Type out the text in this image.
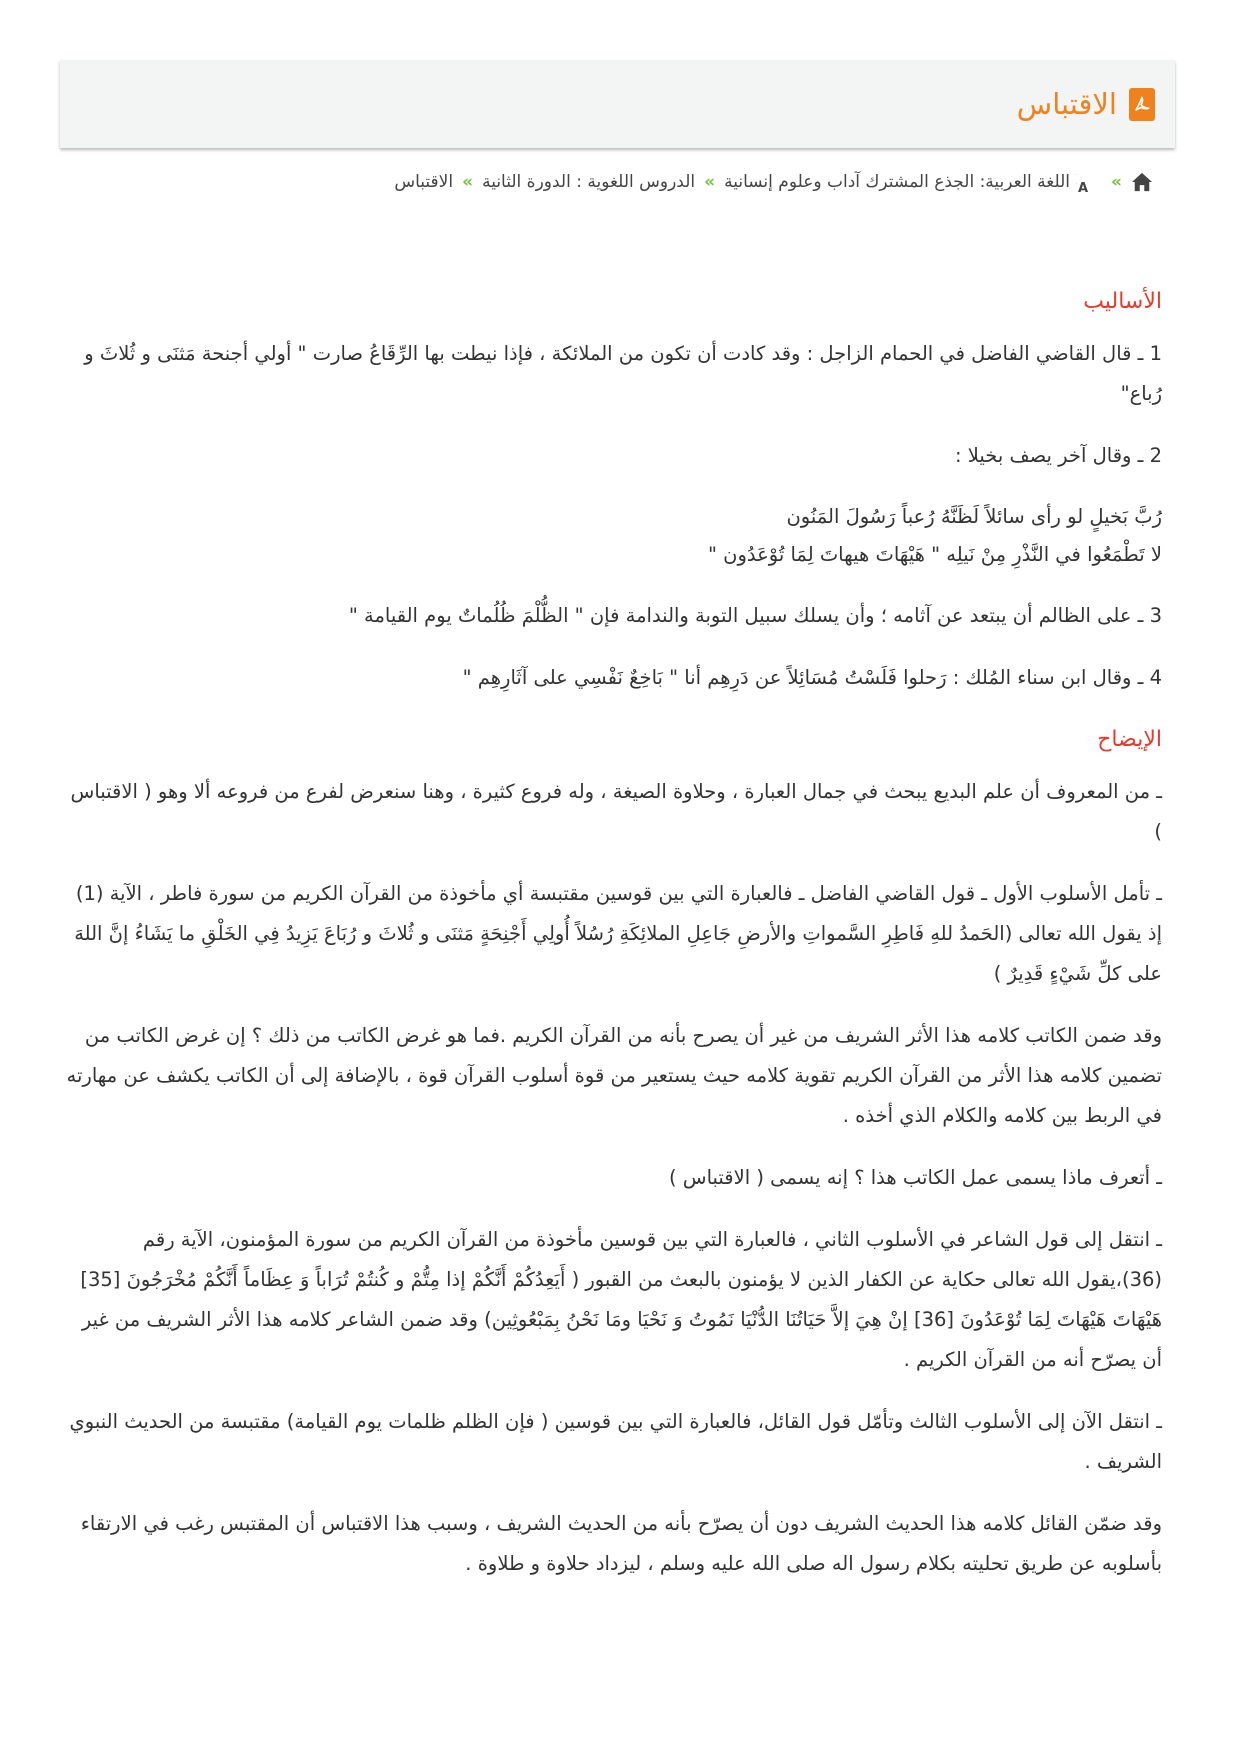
الاقتباس
»
A
اللغة العربية: الجذع المشترك آداب وعلوم إنسانية
»
الدروس اللغوية : الدورة الثانية
»
الاقتباس
الأساليب

1 ـ قال القاضي الفاضل في الحمام الزاجل : وقد كادت أن تكون من الملائكة ، فإذا نيطت بها الرِّقَاعُ صارت " أولي أجنحة مَثنَى و ثُلاثَ و رُباع"

2 ـ وقال آخر يصف بخيلا :

رُبَّ بَخيلٍ لو رأى سائلاً لَظَنَّهُ رُعباً رَسُولَ المَنُون
لا تَطْمَعُوا في النَّذْرِ مِنْ نَيلِه " هَيْهَاتَ هيهاتَ لِمَا تُوْعَدُون "

3 ـ على الظالم أن يبتعد عن آثامه ؛ وأن يسلك سبيل التوبة والندامة فإن " الظُّلْمَ ظُلُماتٌ يوم القيامة "

4 ـ وقال ابن سناء المُلك : رَحلوا فَلَسْتُ مُسَائِلاً عن دَرِهِم أنا " بَاخِعٌ نَفْسِي على آثَارِهِم "

الإيضاح

ـ من المعروف أن علم البديع يبحث في جمال العبارة ، وحلاوة الصيغة ، وله فروع كثيرة ، وهنا سنعرض لفرع من فروعه ألا وهو ( الاقتباس )

ـ تأمل الأسلوب الأول ـ قول القاضي الفاضل ـ فالعبارة التي بين قوسين مقتبسة أي مأخوذة من القرآن الكريم من سورة فاطر ، الآية (1) إذ يقول الله تعالى (الحَمدُ للهِ فَاطِرِ السَّمواتِ والأرضِ جَاعِلِ الملائِكَةِ رُسُلاً أُولِي أَجْنِحَةٍ مَثنَى و ثُلاثَ و رُبَاعَ يَزِيدُ فِي الخَلْقِ ما يَشَاءُ إنَّ اللهَ على كلِّ شَيْءٍ قَدِيرٌ )

وقد ضمن الكاتب كلامه هذا الأثر الشريف من غير أن يصرح بأنه من القرآن الكريم .فما هو غرض الكاتب من ذلك ؟ إن غرض الكاتب من تضمين كلامه هذا الأثر من القرآن الكريم تقوية كلامه حيث يستعير من قوة أسلوب القرآن قوة ، بالإضافة إلى أن الكاتب يكشف عن مهارته في الربط بين كلامه والكلام الذي أخذه .

ـ أتعرف ماذا يسمى عمل الكاتب هذا ؟ إنه يسمى ( الاقتباس )

ـ انتقل إلى قول الشاعر في الأسلوب الثاني ، فالعبارة التي بين قوسين مأخوذة من القرآن الكريم من سورة المؤمنون، الآية رقم (36)،يقول الله تعالى حكاية عن الكفار الذين لا يؤمنون بالبعث من القبور ( أَيَعِدُكُمْ أَنَّكُمْ إذا مِتُّمْ و كُنتُمْ تُرَاباً وَ عِظَاماً أَنَّكُمْ مُخْرَجُونَ [35] هَيْهَاتَ هَيْهَاتَ لِمَا تُوْعَدُونَ [36] إنْ هِيَ إلاَّ حَيَاتُنَا الدُّنْيَا نَمُوتُ وَ نَحْيَا ومَا نَحْنُ بِمَبْعُوثِين) وقد ضمن الشاعر كلامه هذا الأثر الشريف من غير أن يصرّح أنه من القرآن الكريم .

ـ انتقل الآن إلى الأسلوب الثالث وتأمّل قول القائل، فالعبارة التي بين قوسين ( فإن الظلم ظلمات يوم القيامة) مقتبسة من الحديث النبوي الشريف .

وقد ضمّن القائل كلامه هذا الحديث الشريف دون أن يصرّح بأنه من الحديث الشريف ، وسبب هذا الاقتباس أن المقتبس رغب في الارتقاء بأسلوبه عن طريق تحليته بكلام رسول اله صلى الله عليه وسلم ، ليزداد حلاوة و طلاوة .
